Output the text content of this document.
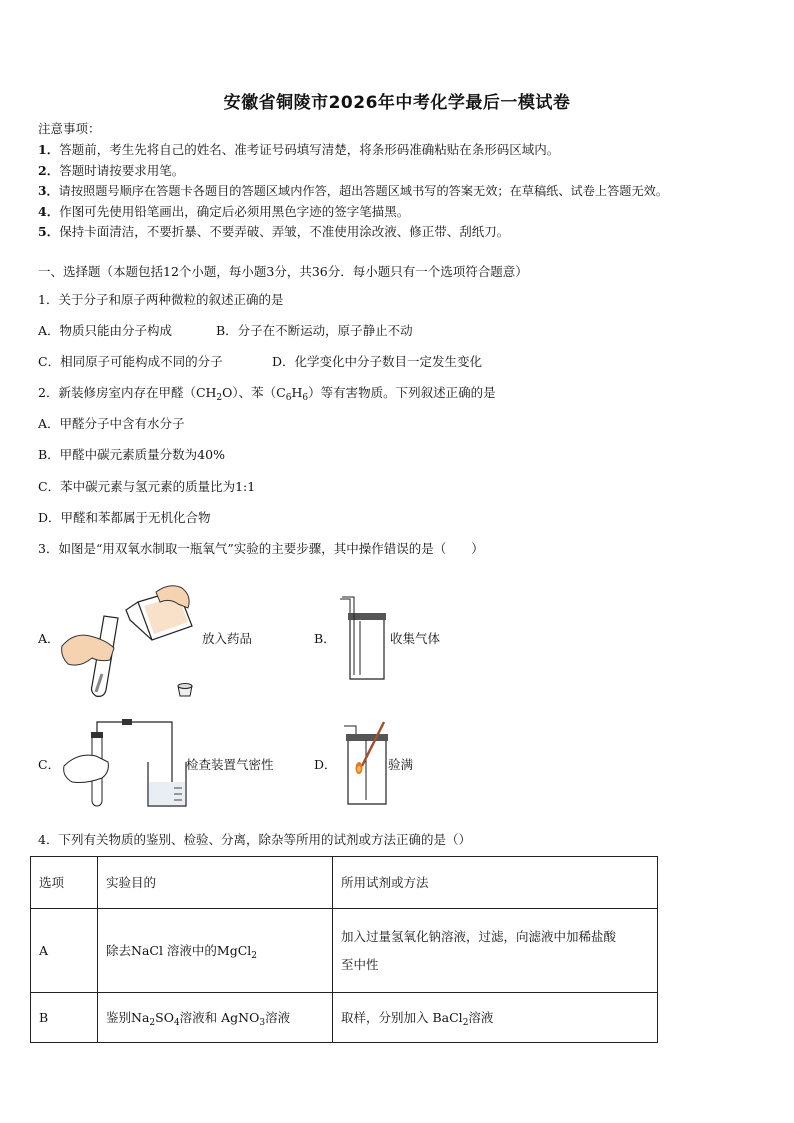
安徽省铜陵市2026年中考化学最后一模试卷
注意事项：
1．答题前，考生先将自己的姓名、准考证号码填写清楚，将条形码准确粘贴在条形码区域内。
2．答题时请按要求用笔。
3．请按照题号顺序在答题卡各题目的答题区域内作答，超出答题区域书写的答案无效；在草稿纸、试卷上答题无效。
4．作图可先使用铅笔画出，确定后必须用黑色字迹的签字笔描黑。
5．保持卡面清洁，不要折暴、不要弄破、弄皱，不准使用涂改液、修正带、刮纸刀。
一、选择题（本题包括12个小题，每小题3分，共36分．每小题只有一个选项符合题意）
1．关于分子和原子两种微粒的叙述正确的是
A．物质只能由分子构成	B．分子在不断运动，原子静止不动
C．相同原子可能构成不同的分子	D．化学变化中分子数目一定发生变化
2．新装修房室内存在甲醛$(CH_2O)$、苯$(C_6H_6)$等有害物质。下列叙述正确的是
A．甲醛分子中含有水分子
B．甲醛中碳元素质量分数为40%
C．苯中碳元素与氢元素的质量比为1:1
D．甲醛和苯都属于无机化合物
3．如图是“用双氧水制取一瓶氧气”实验的主要步骤，其中操作错误的是（　　）
A．	放入药品	B．	收集气体
C．	检查装置气密性	D．	验满
4．下列有关物质的鉴别、检验、分离，除杂等所用的试剂或方法正确的是（）
选项	实验目的	所用试剂或方法
A	除去NaCl 溶液中的MgCl$_2$	加入过量氢氧化钠溶液，过滤，向滤液中加稀盐酸
至中性

B	鉴别$Na_2SO_4$溶液和 AgNO$_3$溶液	取样，分别加入 BaCl$_2$溶液
